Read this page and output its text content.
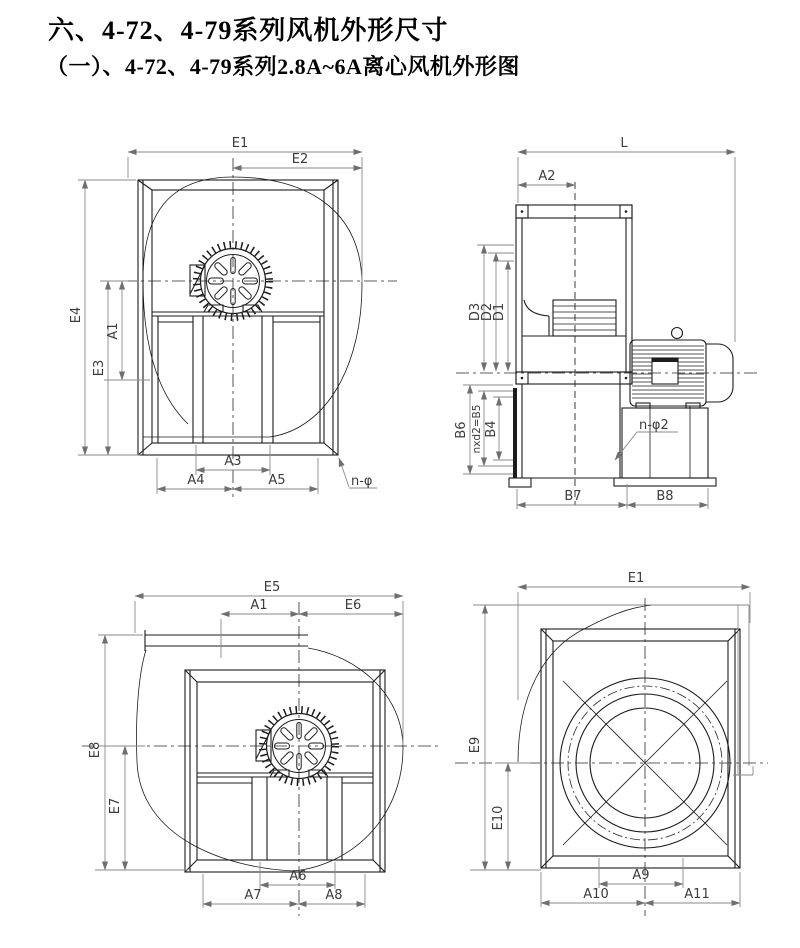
六、4-72、4-79系列风机外形尺寸
（一）、4-72、4-79系列2.8A~6A离心风机外形图
E1
E2
E4
E3
A1
A3
A4	A5	n-φ
L
A2
D3
D2
D1
B6 nxd2=B5 B4
B7	B8
n-φ2
E5
A1	E6
E8
E7
A6
A7	A8
E1
E9
E10
A9
A10	A11
